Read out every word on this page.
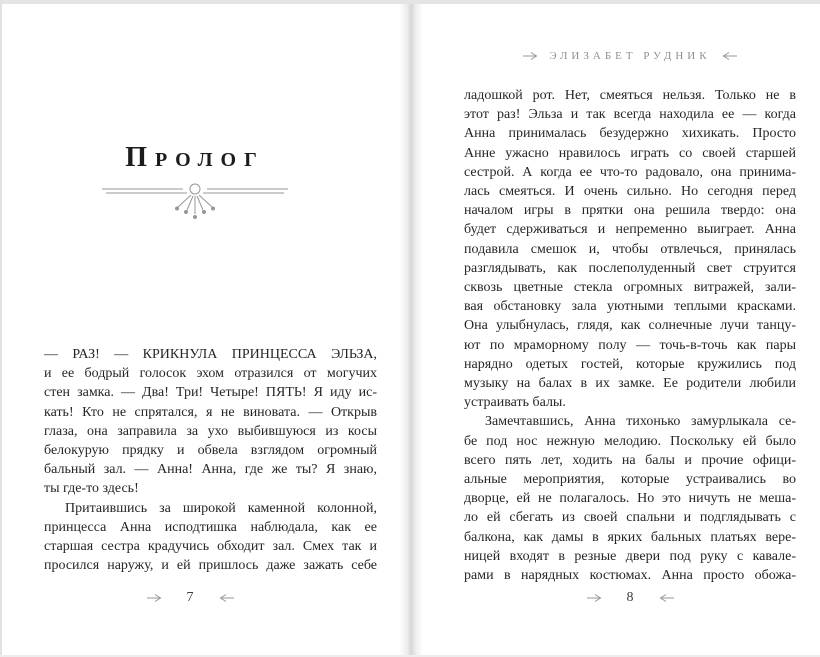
ПРОЛОГ
— РАЗ! — КРИКНУЛА ПРИНЦЕССА ЭЛЬЗА,
и ее бодрый голосок эхом отразился от могучих
стен замка. — Два! Три! Четыре! ПЯТЬ! Я иду ис-
кать! Кто не спрятался, я не виновата. — Открыв
глаза, она заправила за ухо выбившуюся из косы
белокурую прядку и обвела взглядом огромный
бальный зал. — Анна! Анна, где же ты? Я знаю,
ты где-то здесь!
Притаившись за широкой каменной колонной,
принцесса Анна исподтишка наблюдала, как ее
старшая сестра крадучись обходит зал. Смех так и
просился наружу, и ей пришлось даже зажать себе
7
ЭЛИЗАБЕТ РУДНИК
ладошкой рот. Нет, смеяться нельзя. Только не в
этот раз! Эльза и так всегда находила ее — когда
Анна принималась безудержно хихикать. Просто
Анне ужасно нравилось играть со своей старшей
сестрой. А когда ее что-то радовало, она принима-
лась смеяться. И очень сильно. Но сегодня перед
началом игры в прятки она решила твердо: она
будет сдерживаться и непременно выиграет. Анна
подавила смешок и, чтобы отвлечься, принялась
разглядывать, как послеполуденный свет струится
сквозь цветные стекла огромных витражей, зали-
вая обстановку зала уютными теплыми красками.
Она улыбнулась, глядя, как солнечные лучи танцу-
ют по мраморному полу — точь-в-точь как пары
нарядно одетых гостей, которые кружились под
музыку на балах в их замке. Ее родители любили
устраивать балы.
Замечтавшись, Анна тихонько замурлыкала се-
бе под нос нежную мелодию. Поскольку ей было
всего пять лет, ходить на балы и прочие офици-
альные мероприятия, которые устраивались во
дворце, ей не полагалось. Но это ничуть не меша-
ло ей сбегать из своей спальни и подглядывать с
балкона, как дамы в ярких бальных платьях вере-
ницей входят в резные двери под руку с кавале-
рами в нарядных костюмах. Анна просто обожа-
8
